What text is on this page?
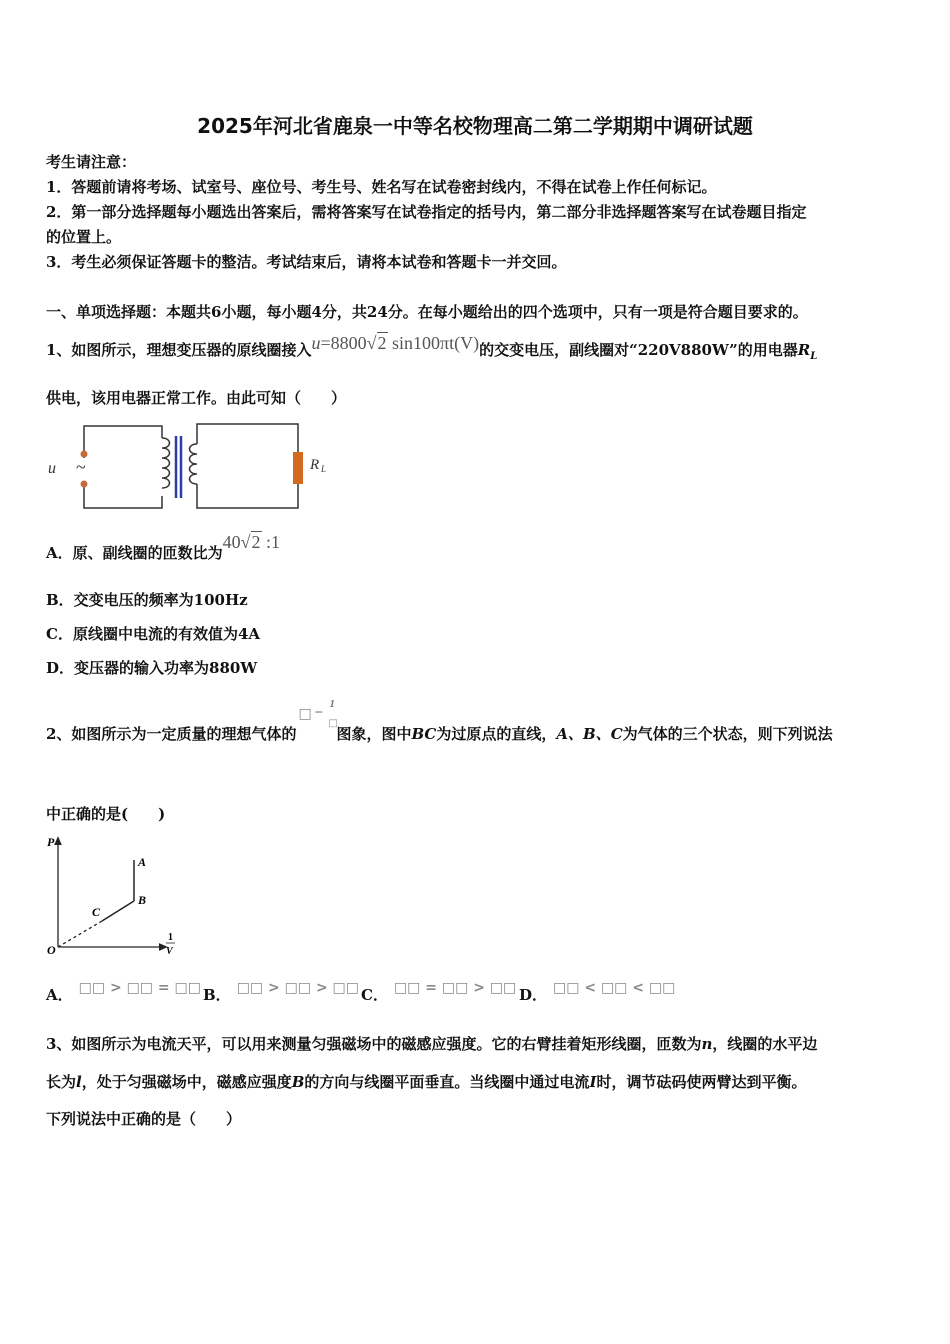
2025年河北省鹿泉一中等名校物理高二第二学期期中调研试题
考生请注意：
1．答题前请将考场、试室号、座位号、考生号、姓名写在试卷密封线内，不得在试卷上作任何标记。
2．第一部分选择题每小题选出答案后，需将答案写在试卷指定的括号内，第二部分非选择题答案写在试卷题目指定
的位置上。
3．考生必须保证答题卡的整洁。考试结束后，请将本试卷和答题卡一并交回。
一、单项选择题：本题共6小题，每小题4分，共24分。在每小题给出的四个选项中，只有一项是符合题目要求的。
1、如图所示，理想变压器的原线圈接入u=8800√2 sin100πt(V)的交变电压，副线圈对“220V880W”的用电器$R_L$
供电，该用电器正常工作。由此可知（　　）
u ~	R L
A．原、副线圈的匝数比为40√2 :1
B．交变电压的频率为100Hz
C．原线圈中电流的有效值为4A
D．变压器的输入功率为880W
2、如图所示为一定质量的理想气体的
□ −
1
□
图象，图中BC为过原点的直线，A、B、C为气体的三个状态，则下列说法
中正确的是(　　)
P
1
V
O
A
B
C
A． □□ > □□ = □□ B． □□ > □□ > □□ C． □□ = □□ > □□ D． □□ < □□ < □□
3、如图所示为电流天平，可以用来测量匀强磁场中的磁感应强度。它的右臂挂着矩形线圈，匝数为n，线圈的水平边
长为l，处于匀强磁场中，磁感应强度B的方向与线圈平面垂直。当线圈中通过电流I时，调节砝码使两臂达到平衡。
下列说法中正确的是（　　）
